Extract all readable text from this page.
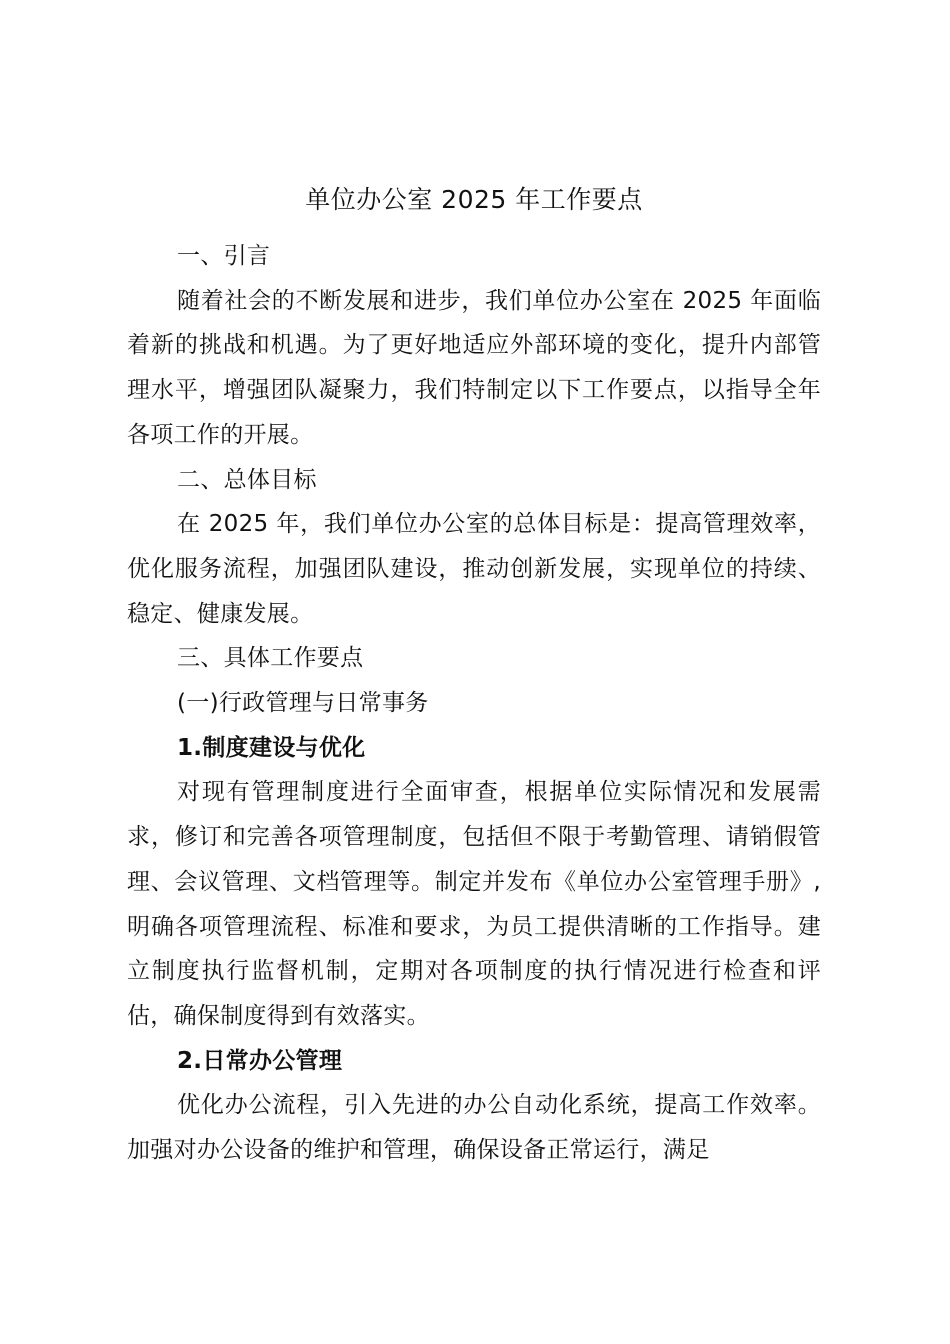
单位办公室 2025 年工作要点

一、引言

随着社会的不断发展和进步，我们单位办公室在 2025 年面临着新的挑战和机遇。为了更好地适应外部环境的变化，提升内部管理水平，增强团队凝聚力，我们特制定以下工作要点，以指导全年各项工作的开展。

二、总体目标

在 2025 年，我们单位办公室的总体目标是：提高管理效率，优化服务流程，加强团队建设，推动创新发展，实现单位的持续、稳定、健康发展。

三、具体工作要点

(一)行政管理与日常事务

1.制度建设与优化

对现有管理制度进行全面审查，根据单位实际情况和发展需求，修订和完善各项管理制度，包括但不限于考勤管理、请销假管理、会议管理、文档管理等。制定并发布《单位办公室管理手册》,明确各项管理流程、标准和要求，为员工提供清晰的工作指导。建立制度执行监督机制，定期对各项制度的执行情况进行检查和评估，确保制度得到有效落实。

2.日常办公管理

优化办公流程，引入先进的办公自动化系统，提高工作效率。加强对办公设备的维护和管理，确保设备正常运行，满足
